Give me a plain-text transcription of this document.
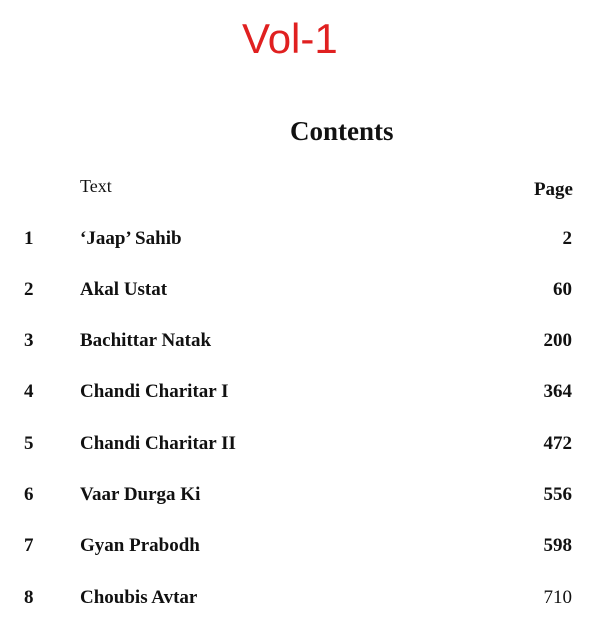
Vol-1
Contents
Text	Page
1 ‘Jaap’ Sahib	2
2 Akal Ustat	60
3 Bachittar Natak	200
4 Chandi Charitar I	364
5 Chandi Charitar II	472
6 Vaar Durga Ki	556
7 Gyan Prabodh	598
8 Choubis Avtar	710
